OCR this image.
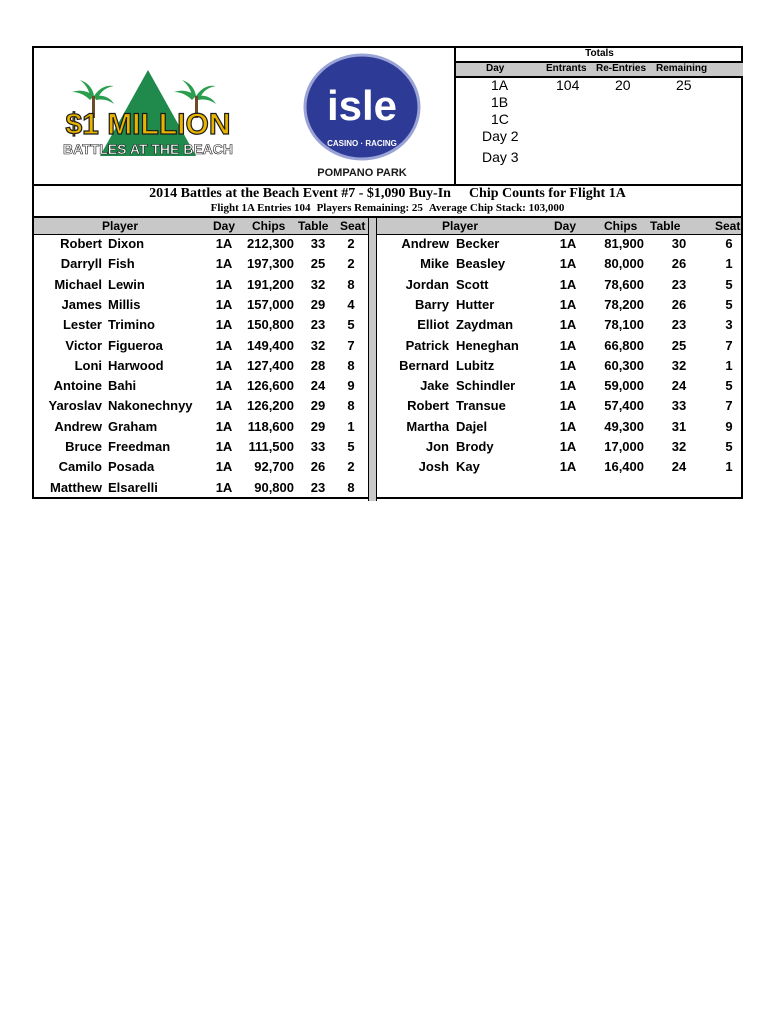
$1 MILLION
BATTLES AT THE BEACH
isle
CASINO · RACING
POMPANO PARK
Totals
Day	Entrants Re-Entries Remaining
1A	104	20	25
1B
1C
Day 2
Day 3
2014 Battles at the Beach Event #7 - $1,090 Buy-In Chip Counts for Flight 1A
Flight 1A Entries 104 Players Remaining: 25 Average Chip Stack: 103,000
Player	Day Chips Table Seat	Player	Day Chips Table	Seat
Robert Dixon	1A	212,300	33	2
Darryll Fish	1A	197,300	25	2
Michael Lewin	1A	191,200	32	8
James Millis	1A	157,000	29	4
Lester Trimino	1A	150,800	23	5
Victor Figueroa	1A	149,400	32	7
Loni Harwood	1A	127,400	28	8
Antoine Bahi	1A	126,600	24	9
Yaroslav Nakonechnyy	1A	126,200	29	8
Andrew Graham	1A	118,600	29	1
Bruce Freedman	1A	111,500	33	5
Camilo Posada	1A	92,700	26	2
Matthew Elsarelli	1A	90,800	23	8
Andrew Becker	1A	81,900	30	6
Mike Beasley	1A	80,000	26	1
Jordan Scott	1A	78,600	23	5
Barry Hutter	1A	78,200	26	5
Elliot Zaydman	1A	78,100	23	3
Patrick Heneghan	1A	66,800	25	7
Bernard Lubitz	1A	60,300	32	1
Jake Schindler	1A	59,000	24	5
Robert Transue	1A	57,400	33	7
Martha Dajel	1A	49,300	31	9
Jon Brody	1A	17,000	32	5
Josh Kay	1A	16,400	24	1
